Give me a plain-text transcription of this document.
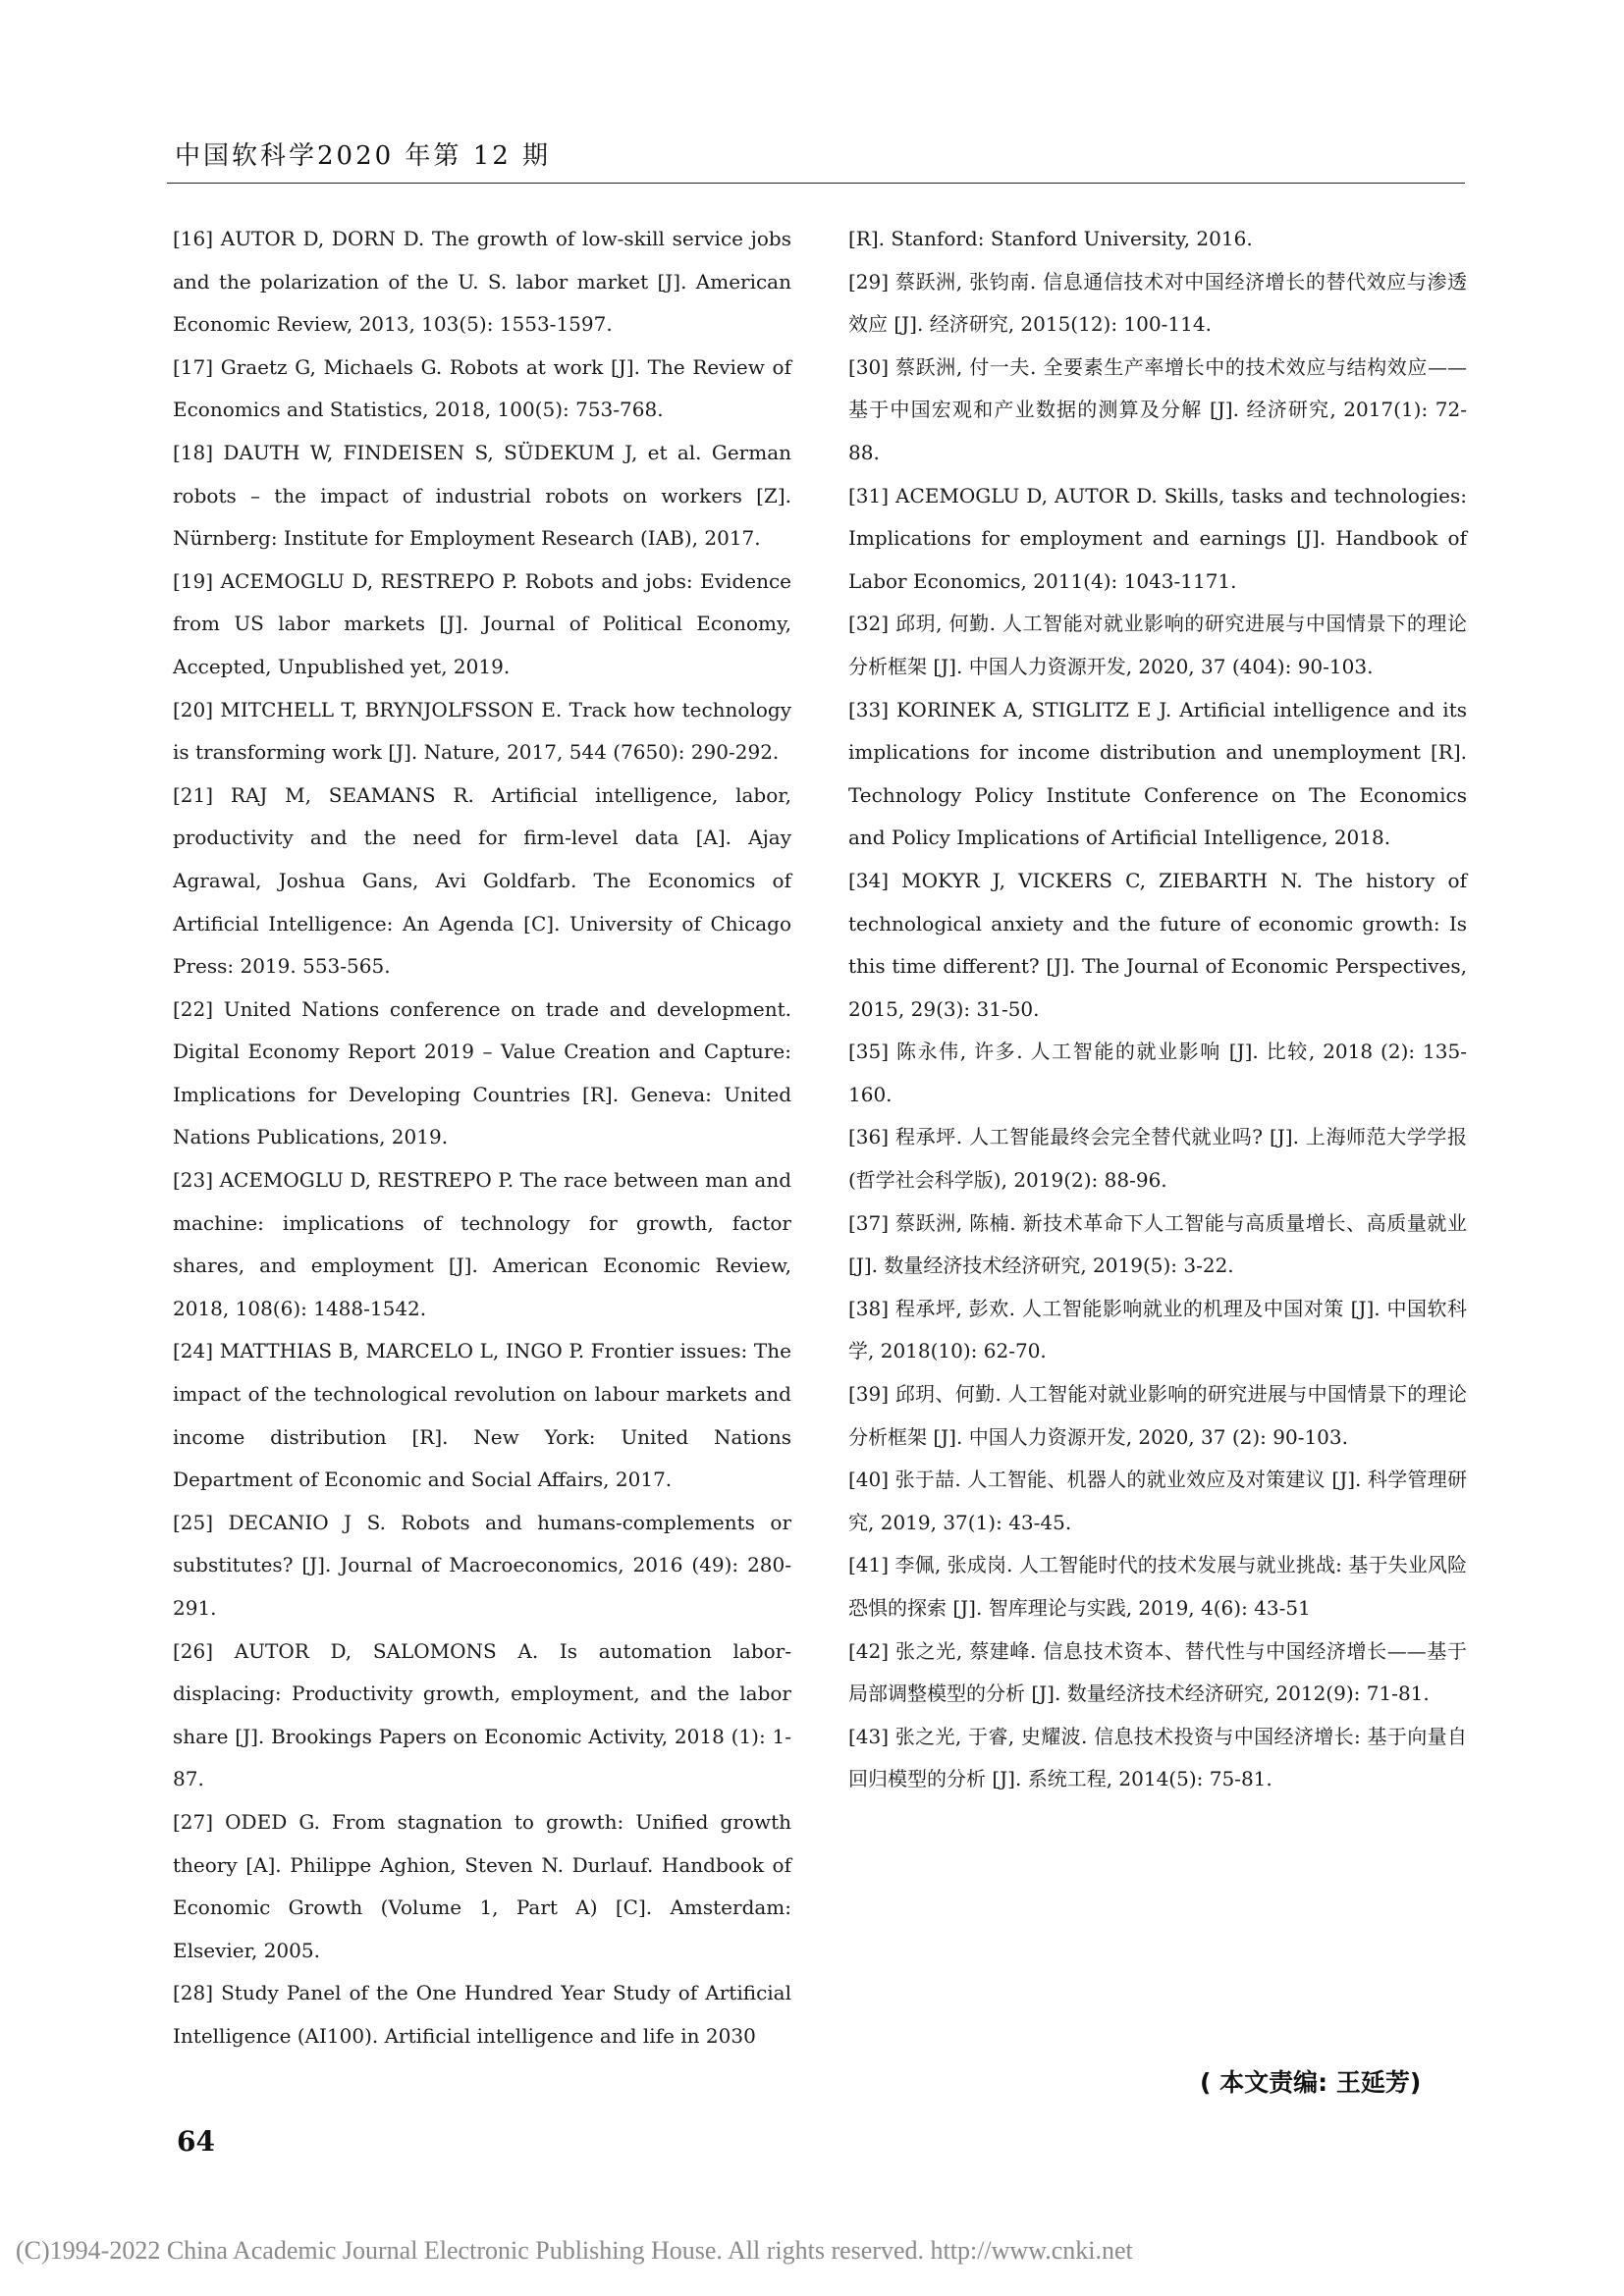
中国软科学2020 年第 12 期

[16] AUTOR D, DORN D. The growth of low-skill service jobs and the polarization of the U. S. labor market [J]. American Economic Review, 2013, 103(5): 1553-1597.

[17] Graetz G, Michaels G. Robots at work [J]. The Review of Economics and Statistics, 2018, 100(5): 753-768.

[18] DAUTH W, FINDEISEN S, SÜDEKUM J, et al. German robots – the impact of industrial robots on workers [Z]. Nürnberg: Institute for Employment Research (IAB), 2017.

[19] ACEMOGLU D, RESTREPO P. Robots and jobs: Evidence from US labor markets [J]. Journal of Political Economy, Accepted, Unpublished yet, 2019.

[20] MITCHELL T, BRYNJOLFSSON E. Track how technology is transforming work [J]. Nature, 2017, 544 (7650): 290-292.

[21] RAJ M, SEAMANS R. Artificial intelligence, labor, productivity and the need for firm-level data [A]. Ajay Agrawal, Joshua Gans, Avi Goldfarb. The Economics of Artificial Intelligence: An Agenda [C]. University of Chicago Press: 2019. 553-565.

[22] United Nations conference on trade and development. Digital Economy Report 2019 – Value Creation and Capture: Implications for Developing Countries [R]. Geneva: United Nations Publications, 2019.

[23] ACEMOGLU D, RESTREPO P. The race between man and machine: implications of technology for growth, factor shares, and employment [J]. American Economic Review, 2018, 108(6): 1488-1542.

[24] MATTHIAS B, MARCELO L, INGO P. Frontier issues: The impact of the technological revolution on labour markets and income distribution [R]. New York: United Nations Department of Economic and Social Affairs, 2017.

[25] DECANIO J S. Robots and humans-complements or substitutes? [J]. Journal of Macroeconomics, 2016 (49): 280-291.

[26] AUTOR D, SALOMONS A. Is automation labor-displacing: Productivity growth, employment, and the labor share [J]. Brookings Papers on Economic Activity, 2018 (1): 1-87.

[27] ODED G. From stagnation to growth: Unified growth theory [A]. Philippe Aghion, Steven N. Durlauf. Handbook of Economic Growth (Volume 1, Part A) [C]. Amsterdam: Elsevier, 2005.

[28] Study Panel of the One Hundred Year Study of Artificial Intelligence (AI100). Artificial intelligence and life in 2030

[R]. Stanford: Stanford University, 2016.

[29] 蔡跃洲, 张钧南. 信息通信技术对中国经济增长的替代效应与渗透效应 [J]. 经济研究, 2015(12): 100-114.

[30] 蔡跃洲, 付一夫. 全要素生产率增长中的技术效应与结构效应——基于中国宏观和产业数据的测算及分解 [J]. 经济研究, 2017(1): 72-88.

[31] ACEMOGLU D, AUTOR D. Skills, tasks and technologies: Implications for employment and earnings [J]. Handbook of Labor Economics, 2011(4): 1043-1171.

[32] 邱玥, 何勤. 人工智能对就业影响的研究进展与中国情景下的理论分析框架 [J]. 中国人力资源开发, 2020, 37 (404): 90-103.

[33] KORINEK A, STIGLITZ E J. Artificial intelligence and its implications for income distribution and unemployment [R]. Technology Policy Institute Conference on The Economics and Policy Implications of Artificial Intelligence, 2018.

[34] MOKYR J, VICKERS C, ZIEBARTH N. The history of technological anxiety and the future of economic growth: Is this time different? [J]. The Journal of Economic Perspectives, 2015, 29(3): 31-50.

[35] 陈永伟, 许多. 人工智能的就业影响 [J]. 比较, 2018 (2): 135-160.

[36] 程承坪. 人工智能最终会完全替代就业吗? [J]. 上海师范大学学报(哲学社会科学版), 2019(2): 88-96.

[37] 蔡跃洲, 陈楠. 新技术革命下人工智能与高质量增长、高质量就业 [J]. 数量经济技术经济研究, 2019(5): 3-22.

[38] 程承坪, 彭欢. 人工智能影响就业的机理及中国对策 [J]. 中国软科学, 2018(10): 62-70.

[39] 邱玥、何勤. 人工智能对就业影响的研究进展与中国情景下的理论分析框架 [J]. 中国人力资源开发, 2020, 37 (2): 90-103.

[40] 张于喆. 人工智能、机器人的就业效应及对策建议 [J]. 科学管理研究, 2019, 37(1): 43-45.

[41] 李佩, 张成岗. 人工智能时代的技术发展与就业挑战: 基于失业风险恐惧的探索 [J]. 智库理论与实践, 2019, 4(6): 43-51

[42] 张之光, 蔡建峰. 信息技术资本、替代性与中国经济增长——基于局部调整模型的分析 [J]. 数量经济技术经济研究, 2012(9): 71-81.

[43] 张之光, 于睿, 史耀波. 信息技术投资与中国经济增长: 基于向量自回归模型的分析 [J]. 系统工程, 2014(5): 75-81.

( 本文责编: 王延芳)
64
(C)1994-2022 China Academic Journal Electronic Publishing House. All rights reserved. http://www.cnki.net
